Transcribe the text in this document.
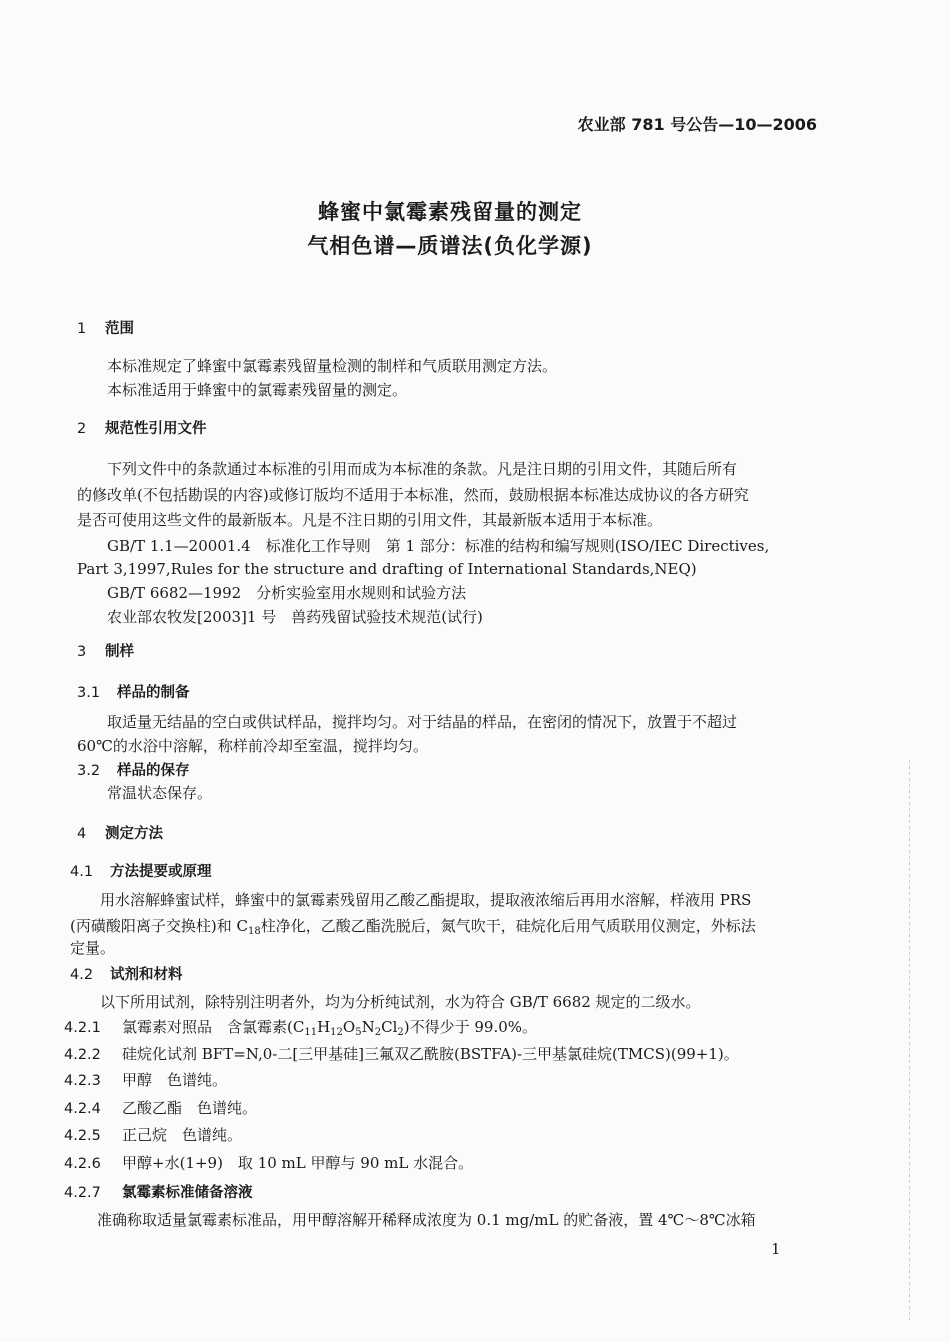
农业部 781 号公告—10—2006
蜂蜜中氯霉素残留量的测定
气相色谱—质谱法(负化学源)
1 范围
本标准规定了蜂蜜中氯霉素残留量检测的制样和气质联用测定方法。
本标准适用于蜂蜜中的氯霉素残留量的测定。
2 规范性引用文件
下列文件中的条款通过本标准的引用而成为本标准的条款。凡是注日期的引用文件，其随后所有
的修改单(不包括勘误的内容)或修订版均不适用于本标准，然而，鼓励根据本标准达成协议的各方研究
是否可使用这些文件的最新版本。凡是不注日期的引用文件，其最新版本适用于本标准。
GB/T 1.1—20001.4　标准化工作导则　第 1 部分：标准的结构和编写规则(ISO/IEC Directives,
Part 3,1997,Rules for the structure and drafting of International Standards,NEQ)
GB/T 6682—1992　分析实验室用水规则和试验方法
农业部农牧发[2003]1 号　兽药残留试验技术规范(试行)
3 制样
3.1 样品的制备
取适量无结晶的空白或供试样品，搅拌均匀。对于结晶的样品，在密闭的情况下，放置于不超过
60℃的水浴中溶解，称样前冷却至室温，搅拌均匀。
3.2 样品的保存
常温状态保存。
4 测定方法
4.1 方法提要或原理
用水溶解蜂蜜试样，蜂蜜中的氯霉素残留用乙酸乙酯提取，提取液浓缩后再用水溶解，样液用 PRS
(丙磺酸阳离子交换柱)和 $C_{18}$柱净化，乙酸乙酯洗脱后，氮气吹干，硅烷化后用气质联用仪测定，外标法
定量。
4.2 试剂和材料
以下所用试剂，除特别注明者外，均为分析纯试剂，水为符合 GB/T 6682 规定的二级水。
4.2.1 氯霉素对照品　含氯霉素$(C_{11}H_{12}O_5N_2Cl_2)$不得少于 99.0%。
4.2.2 硅烷化试剂 BFT=N,0-二[三甲基硅]三氟双乙酰胺(BSTFA)-三甲基氯硅烷(TMCS)(99+1)。
4.2.3 甲醇　色谱纯。
4.2.4 乙酸乙酯　色谱纯。
4.2.5 正己烷　色谱纯。
4.2.6 甲醇+水(1+9)　取 10 mL 甲醇与 90 mL 水混合。
4.2.7 氯霉素标准储备溶液
准确称取适量氯霉素标准品，用甲醇溶解开稀释成浓度为 0.1 mg/mL 的贮备液，置 4℃～8℃冰箱
1
